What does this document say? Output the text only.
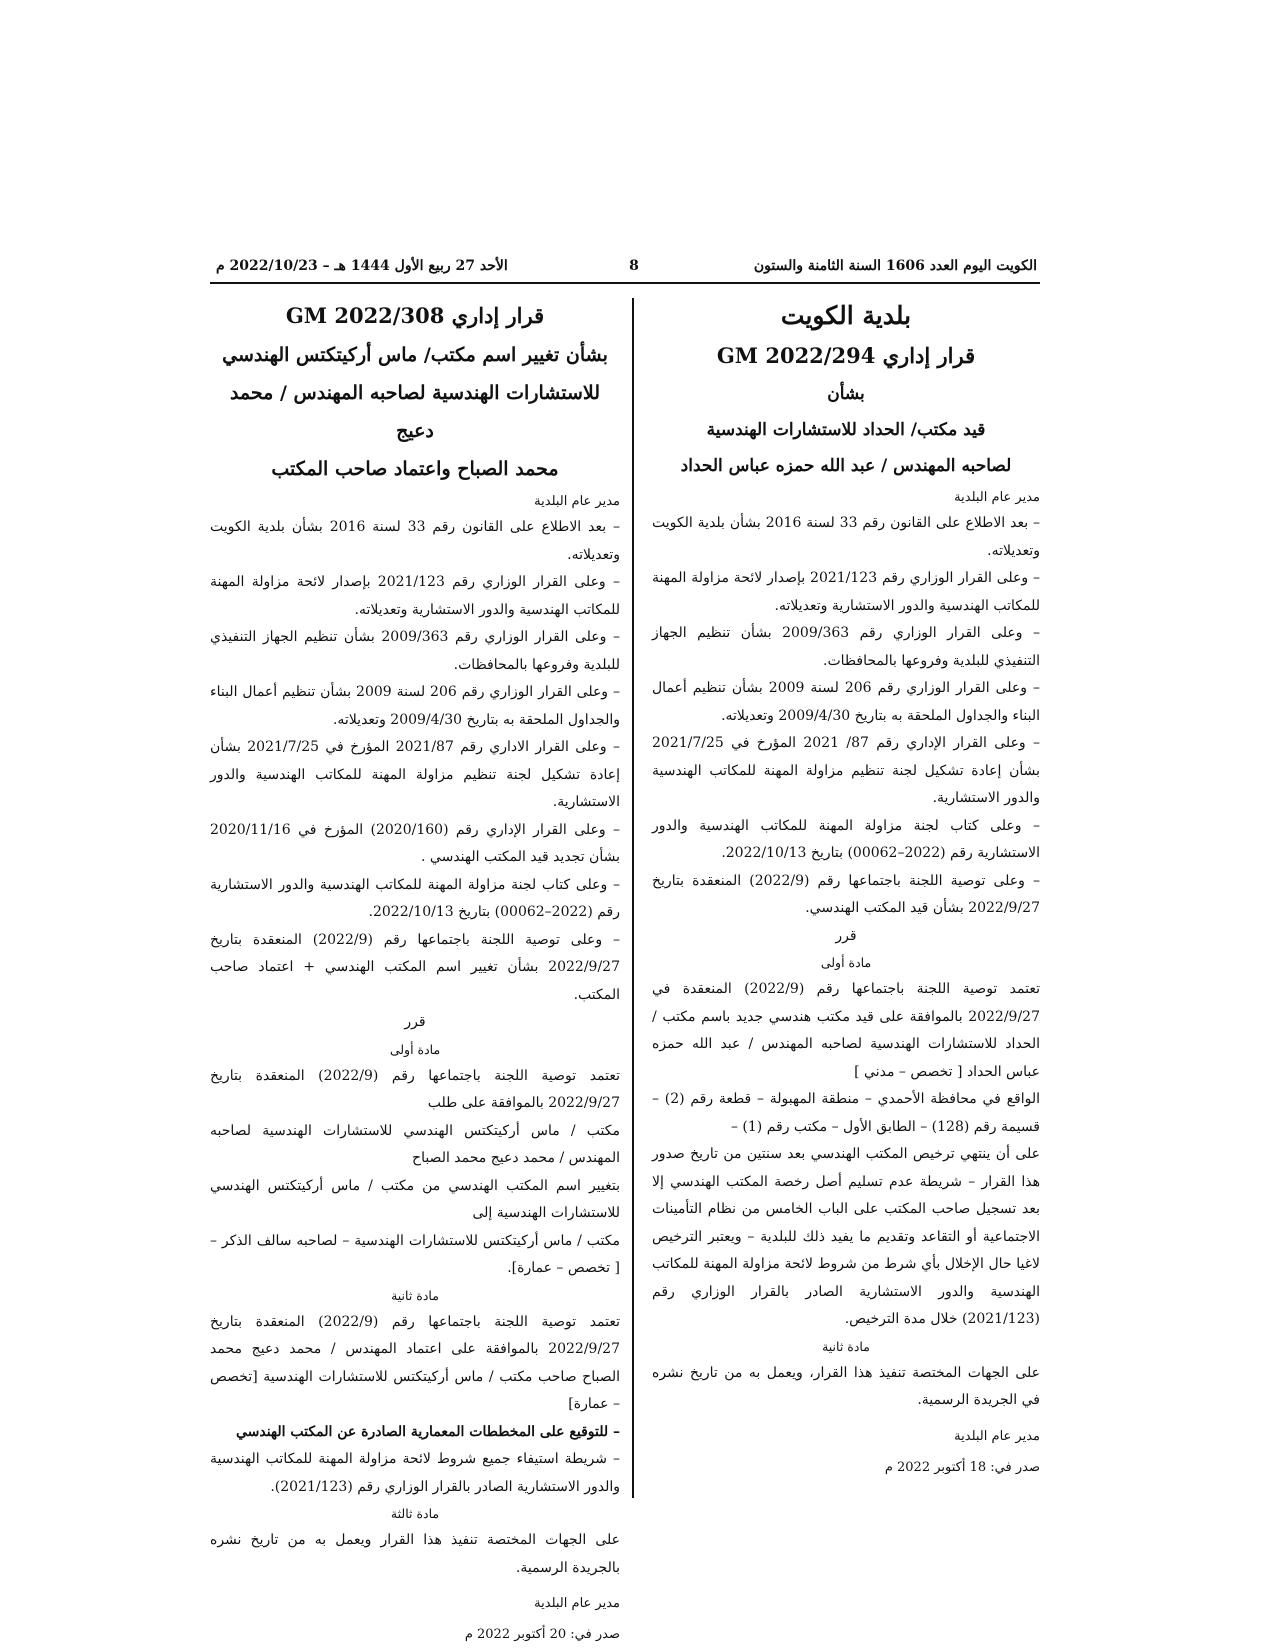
الكويت اليوم العدد 1606 السنة الثامنة والستون
8
الأحد 27 ربيع الأول 1444 هـ – 2022/10/23 م

بلدية الكويت

قرار إداري GM 2022/294

بشأن

قيد مكتب/ الحداد للاستشارات الهندسية

لصاحبه المهندس / عبد الله حمزه عباس الحداد

مدير عام البلدية

– بعد الاطلاع على القانون رقم 33 لسنة 2016 بشأن بلدية الكويت وتعديلاته.

– وعلى القرار الوزاري رقم 2021/123 بإصدار لائحة مزاولة المهنة للمكاتب الهندسية والدور الاستشارية وتعديلاته.

– وعلى القرار الوزاري رقم 2009/363 بشأن تنظيم الجهاز التنفيذي للبلدية وفروعها بالمحافظات.

– وعلى القرار الوزاري رقم 206 لسنة 2009 بشأن تنظيم أعمال البناء والجداول الملحقة به بتاريخ 2009/4/30 وتعديلاته.

– وعلى القرار الإداري رقم 87/ 2021 المؤرخ في 2021/7/25 بشأن إعادة تشكيل لجنة تنظيم مزاولة المهنة للمكاتب الهندسية والدور الاستشارية.

– وعلى كتاب لجنة مزاولة المهنة للمكاتب الهندسية والدور الاستشارية رقم (2022–00062) بتاريخ 2022/10/13.

– وعلى توصية اللجنة باجتماعها رقم (2022/9) المنعقدة بتاريخ 2022/9/27 بشأن قيد المكتب الهندسي.

قرر

مادة أولى

تعتمد توصية اللجنة باجتماعها رقم (2022/9) المنعقدة في 2022/9/27 بالموافقة على قيد مكتب هندسي جديد باسم مكتب / الحداد للاستشارات الهندسية لصاحبه المهندس / عبد الله حمزه عباس الحداد [ تخصص – مدني ]

الواقع في محافظة الأحمدي – منطقة المهبولة – قطعة رقم (2) – قسيمة رقم (128) – الطابق الأول – مكتب رقم (1) –

على أن ينتهي ترخيص المكتب الهندسي بعد سنتين من تاريخ صدور هذا القرار – شريطة عدم تسليم أصل رخصة المكتب الهندسي إلا بعد تسجيل صاحب المكتب على الباب الخامس من نظام التأمينات الاجتماعية أو التقاعد وتقديم ما يفيد ذلك للبلدية – ويعتبر الترخيص لاغيا حال الإخلال بأي شرط من شروط لائحة مزاولة المهنة للمكاتب الهندسية والدور الاستشارية الصادر بالقرار الوزاري رقم (2021/123) خلال مدة الترخيص.

مادة ثانية

على الجهات المختصة تنفيذ هذا القرار، ويعمل به من تاريخ نشره في الجريدة الرسمية.

مدير عام البلدية

صدر في: 18 أكتوبر 2022 م

قرار إداري GM 2022/308

بشأن تغيير اسم مكتب/ ماس أركيتكتس الهندسي

للاستشارات الهندسية لصاحبه المهندس / محمد دعيج

محمد الصباح واعتماد صاحب المكتب

مدير عام البلدية

– بعد الاطلاع على القانون رقم 33 لسنة 2016 بشأن بلدية الكويت وتعديلاته.

– وعلى القرار الوزاري رقم 2021/123 بإصدار لائحة مزاولة المهنة للمكاتب الهندسية والدور الاستشارية وتعديلاته.

– وعلى القرار الوزاري رقم 2009/363 بشأن تنظيم الجهاز التنفيذي للبلدية وفروعها بالمحافظات.

– وعلى القرار الوزاري رقم 206 لسنة 2009 بشأن تنظيم أعمال البناء والجداول الملحقة به بتاريخ 2009/4/30 وتعديلاته.

– وعلى القرار الاداري رقم 2021/87 المؤرخ في 2021/7/25 بشأن إعادة تشكيل لجنة تنظيم مزاولة المهنة للمكاتب الهندسية والدور الاستشارية.

– وعلى القرار الإداري رقم (2020/160) المؤرخ في 2020/11/16 بشأن تجديد قيد المكتب الهندسي .

– وعلى كتاب لجنة مزاولة المهنة للمكاتب الهندسية والدور الاستشارية رقم (2022–00062) بتاريخ 2022/10/13.

– وعلى توصية اللجنة باجتماعها رقم (2022/9) المنعقدة بتاريخ 2022/9/27 بشأن تغيير اسم المكتب الهندسي + اعتماد صاحب المكتب.

قرر

مادة أولى

تعتمد توصية اللجنة باجتماعها رقم (2022/9) المنعقدة بتاريخ 2022/9/27 بالموافقة على طلب

مكتب / ماس أركيتكتس الهندسي للاستشارات الهندسية لصاحبه المهندس / محمد دعيج محمد الصباح

بتغيير اسم المكتب الهندسي من مكتب / ماس أركيتكتس الهندسي للاستشارات الهندسية إلى

مكتب / ماس أركيتكتس للاستشارات الهندسية – لصاحبه سالف الذكر – [ تخصص – عمارة].

مادة ثانية

تعتمد توصية اللجنة باجتماعها رقم (2022/9) المنعقدة بتاريخ 2022/9/27 بالموافقة على اعتماد المهندس / محمد دعيج محمد الصباح صاحب مكتب / ماس أركيتكتس للاستشارات الهندسية [تخصص – عمارة]

– للتوقيع على المخططات المعمارية الصادرة عن المكتب الهندسي

– شريطة استيفاء جميع شروط لائحة مزاولة المهنة للمكاتب الهندسية والدور الاستشارية الصادر بالقرار الوزاري رقم (2021/123).

مادة ثالثة

على الجهات المختصة تنفيذ هذا القرار ويعمل به من تاريخ نشره بالجريدة الرسمية.

مدير عام البلدية

صدر في: 20 أكتوبر 2022 م
